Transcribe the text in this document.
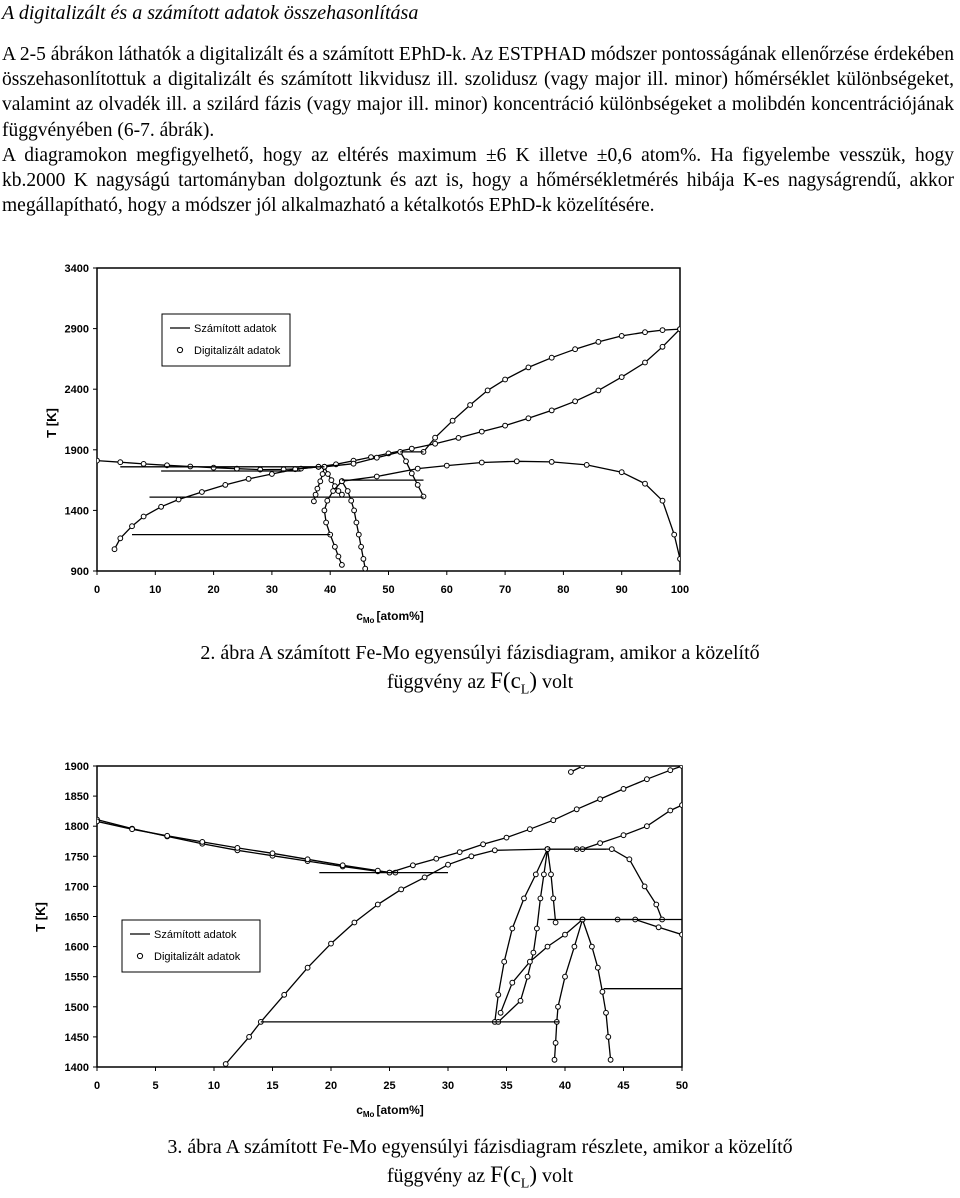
A digitalizált és a számított adatok összehasonlítása

A 2-5 ábrákon láthatók a digitalizált és a számított EPhD-k. Az ESTPHAD módszer pontosságának ellenőrzése érdekében összehasonlítottuk a digitalizált és számított likvidusz ill. szolidusz (vagy major ill. minor) hőmérséklet különbségeket, valamint az olvadék ill. a szilárd fázis (vagy major ill. minor) koncentráció különbségeket a molibdén koncentrációjának függvényében (6-7. ábrák).

A diagramokon megfigyelhető, hogy az eltérés maximum ±6 K illetve ±0,6 atom%. Ha figyelembe vesszük, hogy kb.2000 K nagyságú tartományban dolgoztunk és azt is, hogy a hőmérsékletmérés hibája K-es nagyságrendű, akkor megállapítható, hogy a módszer jól alkalmazható a kétalkotós EPhD-k közelítésére.

900
1400
1900
2400
2900
3400
0	10	20	30	40	50	60	70	80	90	100
T [K]
$c_{Mo}$ [atom%]
Számított adatok
Digitalizált adatok
2. ábra A számított Fe-Mo egyensúlyi fázisdiagram, amikor a közelítő
függvény az $F(c_L)$ volt
1400
1450
1500
1550
1600
1650
1700
1750
1800
1850
1900
0	5	10	15	20	25	30	35	40	45	50
T [K]
$c_{Mo}$ [atom%]
Számított adatok
Digitalizált adatok
3. ábra A számított Fe-Mo egyensúlyi fázisdiagram részlete, amikor a közelítő
függvény az $F(c_L)$ volt
